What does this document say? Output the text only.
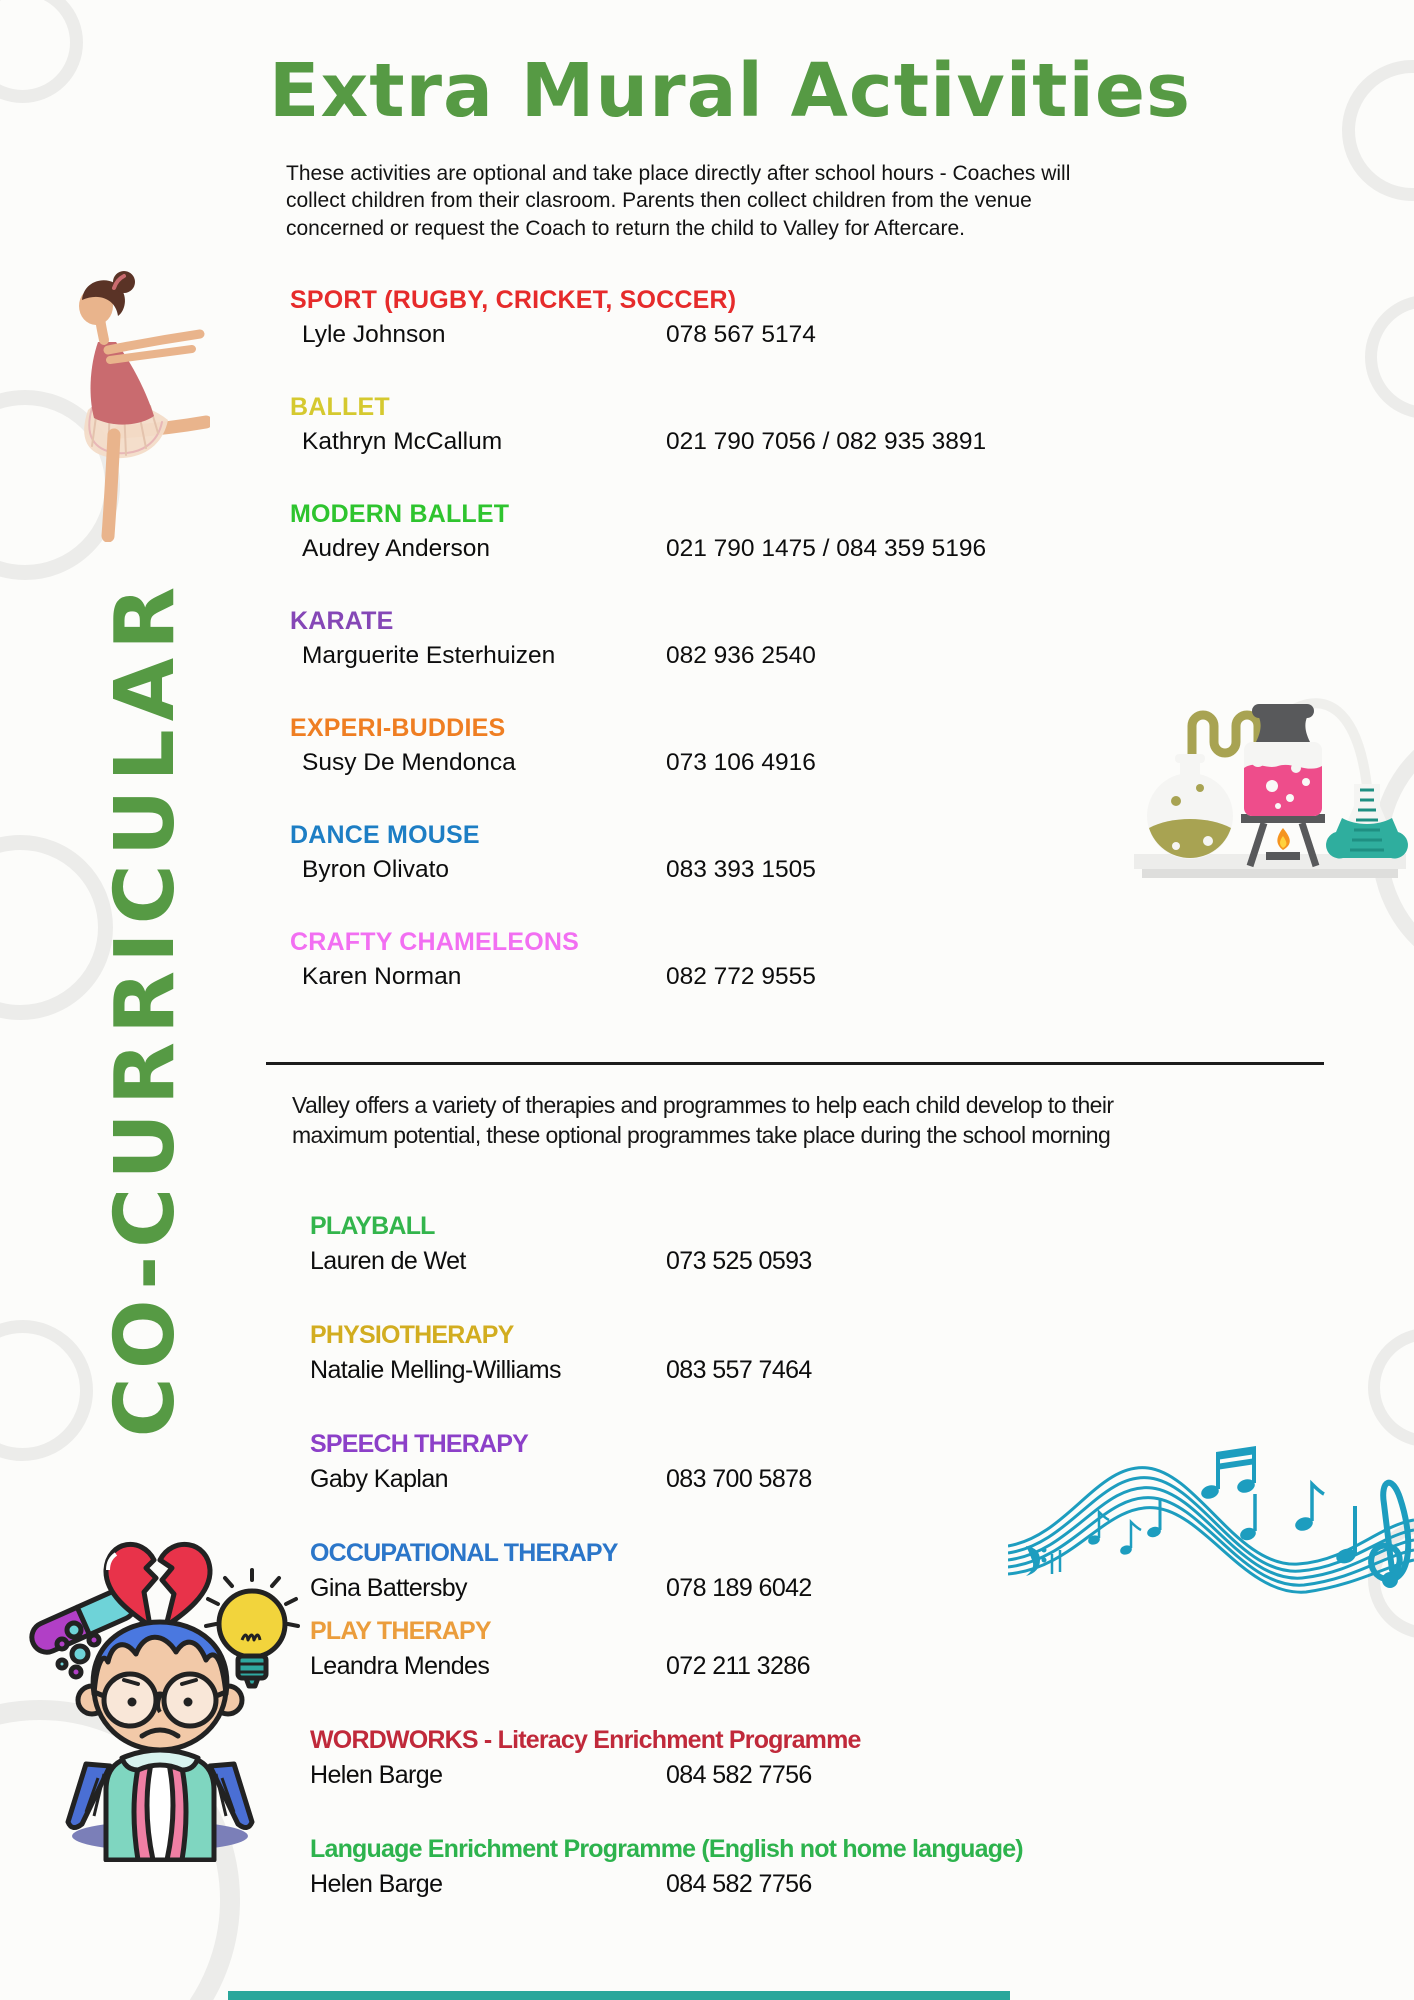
Extra Mural Activities
These activities are optional and take place directly after school hours - Coaches will
collect children from their clasroom. Parents then collect children from the venue
concerned or request the Coach to return the child to Valley for Aftercare.
CO-CURRICULAR
SPORT (RUGBY, CRICKET, SOCCER)
Lyle Johnson	078 567 5174
BALLET
Kathryn McCallum	021 790 7056 / 082 935 3891
MODERN BALLET
Audrey Anderson	021 790 1475 / 084 359 5196
KARATE
Marguerite Esterhuizen	082 936 2540
EXPERI-BUDDIES
Susy De Mendonca	073 106 4916
DANCE MOUSE
Byron Olivato	083 393 1505
CRAFTY CHAMELEONS
Karen Norman	082 772 9555
Valley offers a variety of therapies and programmes to help each child develop to their
maximum potential, these optional programmes take place during the school morning
PLAYBALL
Lauren de Wet	073 525 0593
PHYSIOTHERAPY
Natalie Melling-Williams	083 557 7464
SPEECH THERAPY
Gaby Kaplan	083 700 5878
OCCUPATIONAL THERAPY
Gina Battersby	078 189 6042
PLAY THERAPY
Leandra Mendes	072 211 3286
WORDWORKS - Literacy Enrichment Programme
Helen Barge	084 582 7756
Language Enrichment Programme (English not home language)
Helen Barge	084 582 7756
